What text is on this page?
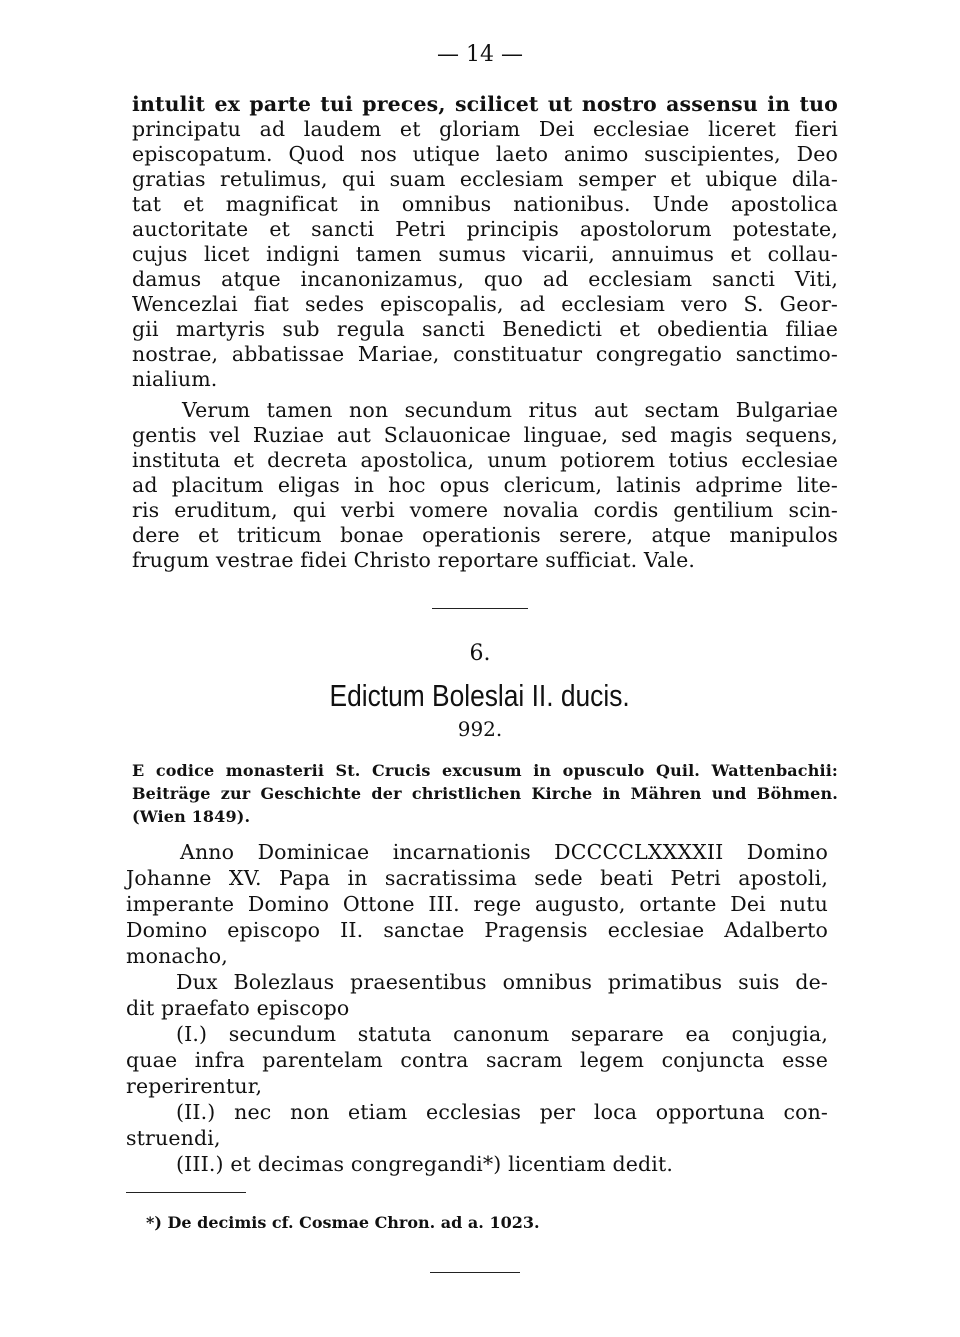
— 14 —
intulit ex parte tui preces, scilicet ut nostro assensu in tuo
principatu ad laudem et gloriam Dei ecclesiae liceret fieri
episcopatum. Quod nos utique laeto animo suscipientes, Deo
gratias retulimus, qui suam ecclesiam semper et ubique dila-
tat et magnificat in omnibus nationibus. Unde apostolica
auctoritate et sancti Petri principis apostolorum potestate,
cujus licet indigni tamen sumus vicarii, annuimus et collau-
damus atque incanonizamus, quo ad ecclesiam sancti Viti,
Wencezlai fiat sedes episcopalis, ad ecclesiam vero S. Geor-
gii martyris sub regula sancti Benedicti et obedientia filiae
nostrae, abbatissae Mariae, constituatur congregatio sanctimo-
nialium.
Verum tamen non secundum ritus aut sectam Bulgariae
gentis vel Ruziae aut Sclauonicae linguae, sed magis sequens,
instituta et decreta apostolica, unum potiorem totius ecclesiae
ad placitum eligas in hoc opus clericum, latinis adprime lite-
ris eruditum, qui verbi vomere novalia cordis gentilium scin-
dere et triticum bonae operationis serere, atque manipulos
frugum vestrae fidei Christo reportare sufficiat. Vale.
6.
Edictum Boleslai II. ducis.
992.
E codice monasterii St. Crucis excusum in opusculo Quil. Wattenbachii:
Beiträge zur Geschichte der christlichen Kirche in Mähren und Böhmen.
(Wien 1849).
Anno Dominicae incarnationis DCCCCLXXXXII Domino
Johanne XV. Papa in sacratissima sede beati Petri apostoli,
imperante Domino Ottone III. rege augusto, ortante Dei nutu
Domino episcopo II. sanctae Pragensis ecclesiae Adalberto
monacho,
Dux Bolezlaus praesentibus omnibus primatibus suis de-
dit praefato episcopo
(I.) secundum statuta canonum separare ea conjugia,
quae infra parentelam contra sacram legem conjuncta esse
reperirentur,
(II.) nec non etiam ecclesias per loca opportuna con-
struendi,
(III.) et decimas congregandi*) licentiam dedit.
*) De decimis cf. Cosmae Chron. ad a. 1023.
